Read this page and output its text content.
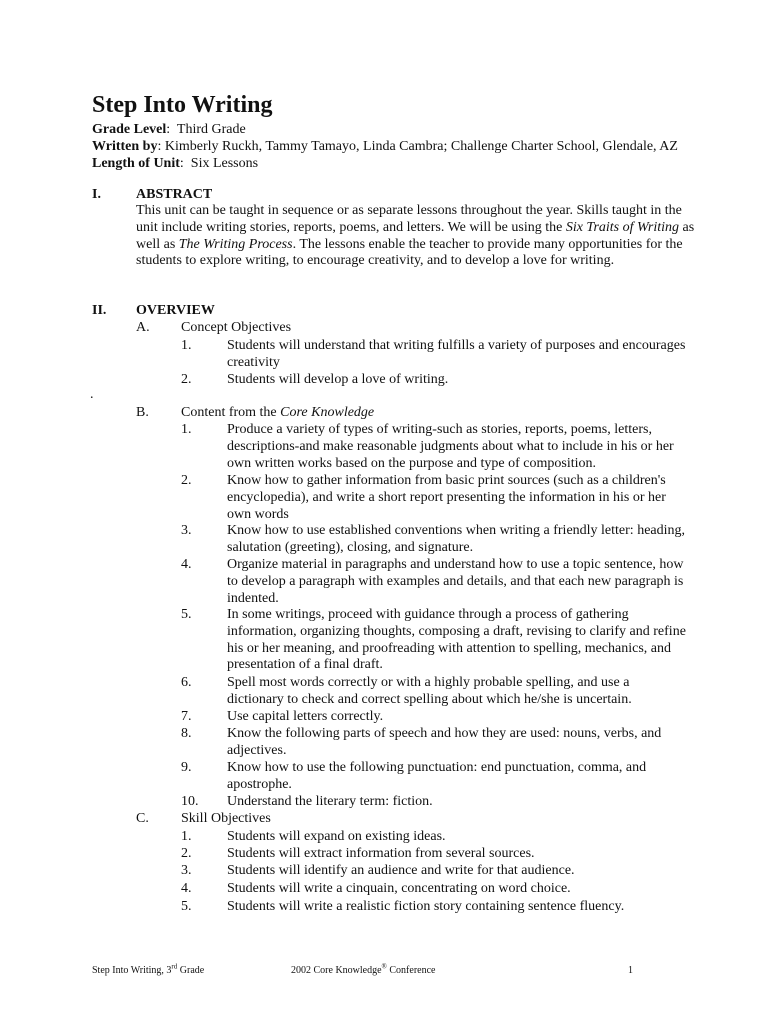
Step Into Writing
Grade Level:  Third Grade
Written by: Kimberly Ruckh, Tammy Tamayo, Linda Cambra; Challenge Charter School, Glendale, AZ
Length of Unit:  Six Lessons
I.	ABSTRACT
This unit can be taught in sequence or as separate lessons throughout the year. Skills taught in the unit include writing stories, reports, poems, and letters. We will be using the Six Traits of Writing as well as The Writing Process. The lessons enable the teacher to provide many opportunities for the students to explore writing, to encourage creativity, and to develop a love for writing.
II. OVERVIEW
A. Concept Objectives
1.	Students will understand that writing fulfills a variety of purposes and encourages creativity
2.	Students will develop a love of writing.
.
B. Content from the Core Knowledge
1.	Produce a variety of types of writing-such as stories, reports, poems, letters, descriptions-and make reasonable judgments about what to include in his or her own written works based on the purpose and type of composition.
2.	Know how to gather information from basic print sources (such as a children's encyclopedia), and write a short report presenting the information in his or her own words
3.	Know how to use established conventions when writing a friendly letter: heading, salutation (greeting), closing, and signature.
4.	Organize material in paragraphs and understand how to use a topic sentence, how to develop a paragraph with examples and details, and that each new paragraph is indented.
5.	In some writings, proceed with guidance through a process of gathering information, organizing thoughts, composing a draft, revising to clarify and refine his or her meaning, and proofreading with attention to spelling, mechanics, and presentation of a final draft.
6.	Spell most words correctly or with a highly probable spelling, and use a dictionary to check and correct spelling about which he/she is uncertain.
7.	Use capital letters correctly.
8.	Know the following parts of speech and how they are used: nouns, verbs, and adjectives.
9.	Know how to use the following punctuation: end punctuation, comma, and apostrophe.
10. Understand the literary term: fiction.
C. Skill Objectives
1.	Students will expand on existing ideas.
2.	Students will extract information from several sources.
3.	Students will identify an audience and write for that audience.
4.	Students will write a cinquain, concentrating on word choice.
5.	Students will write a realistic fiction story containing sentence fluency.
Step Into Writing, 3rd Grade	2002 Core Knowledge® Conference	1
